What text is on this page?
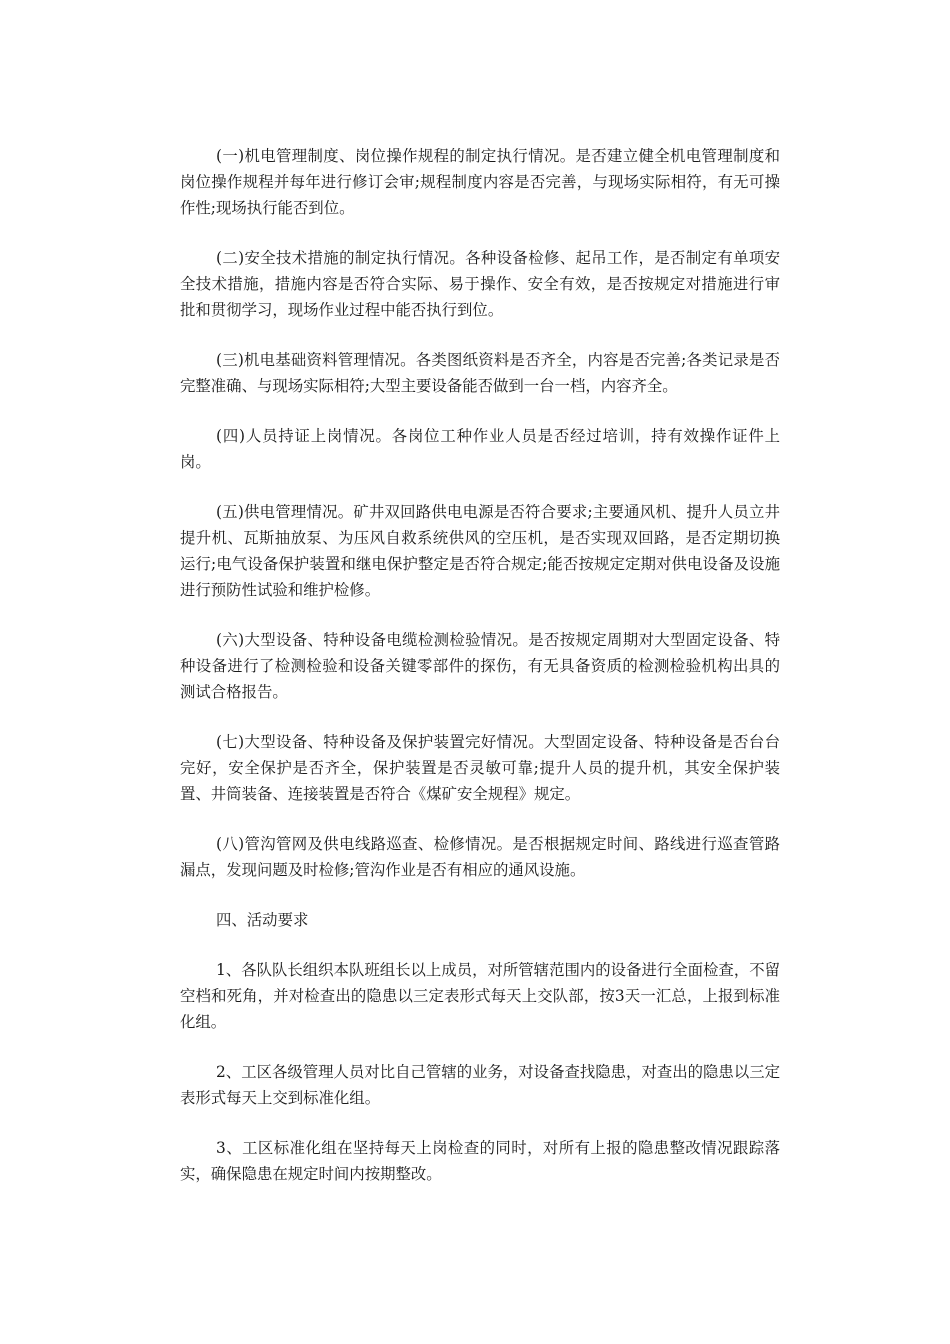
(一)机电管理制度、岗位操作规程的制定执行情况。是否建立健全机电管理制度和岗位操作规程并每年进行修订会审;规程制度内容是否完善，与现场实际相符，有无可操作性;现场执行能否到位。

(二)安全技术措施的制定执行情况。各种设备检修、起吊工作，是否制定有单项安全技术措施，措施内容是否符合实际、易于操作、安全有效，是否按规定对措施进行审批和贯彻学习，现场作业过程中能否执行到位。

(三)机电基础资料管理情况。各类图纸资料是否齐全，内容是否完善;各类记录是否完整准确、与现场实际相符;大型主要设备能否做到一台一档，内容齐全。

(四)人员持证上岗情况。各岗位工种作业人员是否经过培训，持有效操作证件上岗。

(五)供电管理情况。矿井双回路供电电源是否符合要求;主要通风机、提升人员立井提升机、瓦斯抽放泵、为压风自救系统供风的空压机，是否实现双回路，是否定期切换运行;电气设备保护装置和继电保护整定是否符合规定;能否按规定定期对供电设备及设施进行预防性试验和维护检修。

(六)大型设备、特种设备电缆检测检验情况。是否按规定周期对大型固定设备、特种设备进行了检测检验和设备关键零部件的探伤，有无具备资质的检测检验机构出具的测试合格报告。

(七)大型设备、特种设备及保护装置完好情况。大型固定设备、特种设备是否台台完好，安全保护是否齐全，保护装置是否灵敏可靠;提升人员的提升机，其安全保护装置、井筒装备、连接装置是否符合《煤矿安全规程》规定。

(八)管沟管网及供电线路巡查、检修情况。是否根据规定时间、路线进行巡查管路漏点，发现问题及时检修;管沟作业是否有相应的通风设施。

四、活动要求

1、各队队长组织本队班组长以上成员，对所管辖范围内的设备进行全面检查，不留空档和死角，并对检查出的隐患以三定表形式每天上交队部，按3天一汇总，上报到标准化组。

2、工区各级管理人员对比自己管辖的业务，对设备查找隐患，对查出的隐患以三定表形式每天上交到标准化组。

3、工区标准化组在坚持每天上岗检查的同时，对所有上报的隐患整改情况跟踪落实，确保隐患在规定时间内按期整改。
